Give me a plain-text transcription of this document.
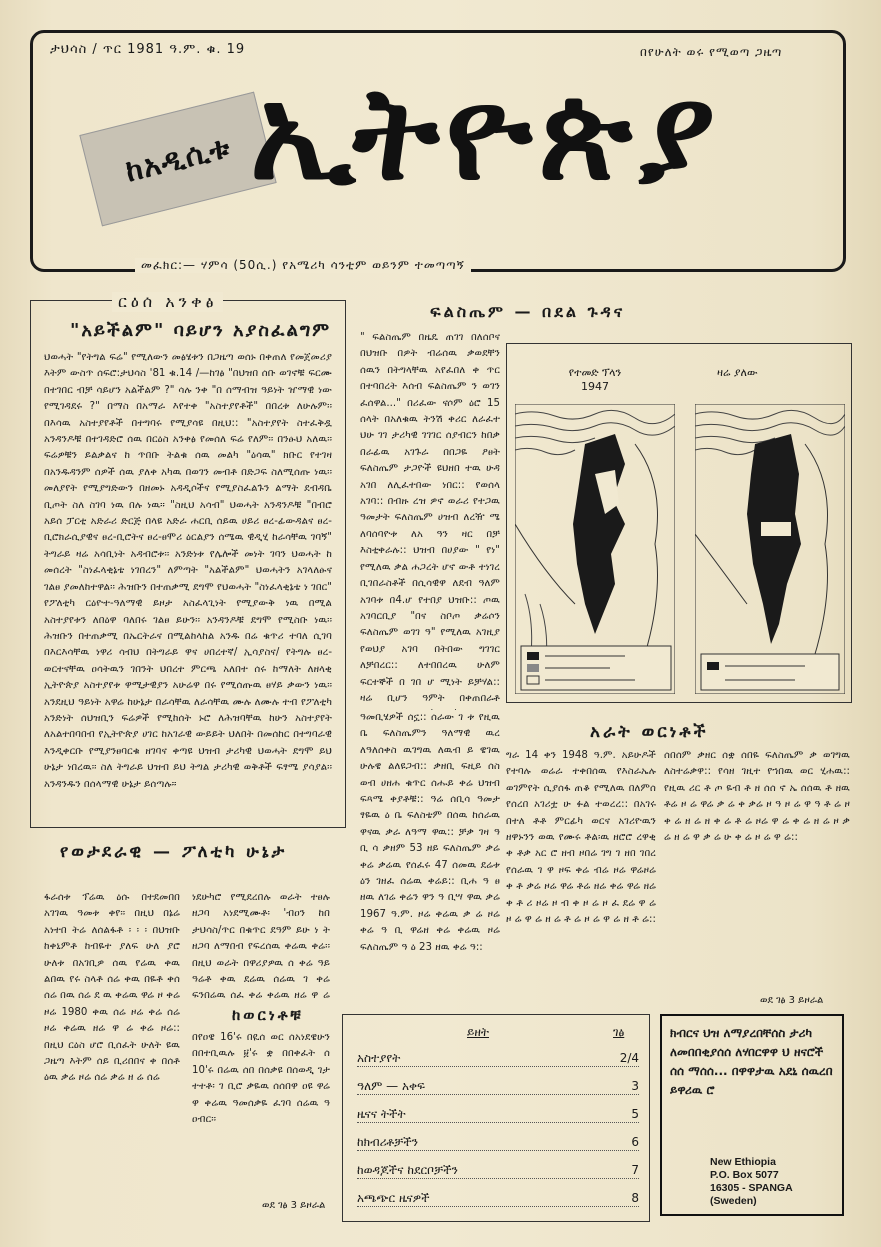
ታህሳስ / ጥር 1981 ዓ.ም. ቁ. 19	በየሁለት ወሩ የሚወጣ ጋዜጣ
ከአዲሲቱ ኢትዮጵያ
መፈክር:— ሃምሳ (50ሲ.) የአሜሪካ ሳንቲም ወይንም ተመጣጣኝ
ርዕሰ አንቀፅ
"አይችልም" ባይሆን አያስፈልግም
ህወሓት "የትግል ፍሬ" የሚለውን መፅሄቱን በጋዜጣ ወሰኑ በቀጠለ የመጀመሪያ እትም ውስጥ ሰፍሮ:ታህሳስ '81 ቁ.14 /—ከገፅ "በህዝበ ሰቡ ወገኖቹ ፍርሙ በተገበር ብቻ ሳይሆን አልችልም ?" ሳሉ ንቀ "በ ሰማብዝ ዓይነት ዠማዊ ነው የሚገዳደሩ ?" በማስ በአማራ እየተቀ "አስተያየቶች" በበረቱ ለሁሉም፡፡ በእሳዉ አስተያየቶች በተግባሩ የሚያሳዩ በዚህ:: "አስተያየት ስተፈቅዷ አንዳንዶቹ በተገዳድሮ ሰዉ በርዕስ አንቀፅ የመሰለ ፍሬ የለም፡፡ በንፁህ አለዉ፡፡ ፍሬዎቹን ይልቃልና ከ ጥበቡ ትልቁ ሰዉ መልካ "ዕሳዉ" ክቡር የተገዛ በአንዱዳንም ሰዎች ሰዉ ያለቀ አካዉ በወገን መብቶ በድጋፍ ስለሚሰጡ ነዉ፡፡ መለያየት የሚያግድውን በዘመኑ አዳዲሶችና የሚያስፈልጉን ልማት ደብዳቤ ቢጦት ስለ ስገባ ነዉ በሉ ነዉ። "ስዚህ አሳብ" ህወሓት አንዳንዶቹ "በብሮ አይሰ ፓርቲ አድራሪ ድርጅ በላዩ አድራ ሐርቢ ሰይዉ ሀይሪ ፀረ-ፊውዳልና ፀረ-ቢሮክራሲያዊና ፀረ-ቢሮትና ፀረ-ፀሞሪ ዕርልያን ሰሜዉ ዊዲሂ ከራሳቸዉ ገባኝ" ትግራይ ዛሬ አሳቢነት አዳብሮቱ፡፡ አንድነቱ የሌሎች መነት ገባን ህወሓት ከ መሰረት "ስነፈላቂኔቴ ነገበረን" ለምጣት "አልችልም" ህወሓትን አገላለፁና ገልፀ ያመለከተዋል፡፡ ሕዝቡን በተጠቃሚ ደግሞ የህወሓት "ስነፈላቂኔቴ ነ ገበር" የፖለቲካ ርዕዮተ-ዓለማዊ ይዞታ አስፈላጊነት የሚያውቅ ነዉ በሚል አስተያየቱን ለበዕዋ ባለበሩ ገልፀ ይሁን፡፡ አንዳንዶቹ ደግሞ የሚስቡ ነዉ፡፡ ሕዝቡን በተጠቃሚ በኤርትራና በሚልከላከል አንዱ በሬ ቁጥሪ ተባለ ሲገባ በእርእሳቸዉ ነዋሪ ሳብህ በትግራይ ዋና ሀበረተኛ/ ኢሳያስና/ የትግሉ ፀረ-ወርተናቸዉ ዐሳትዉን ገበንት ህበረተ ምርጫ አለበተ ሰሩ ከማለት ለዘላቂ ኢትዮጵያ አስተያየቱ ዋሚታዊያን አሁሬዋ በሩ የሚሰጡዉ ፀሃይ ቃውን ነዉ፡፡ አንደዚህ ዓይነት አዋሬ ከሁኔታ በራሳቸዉ ለራሳቸዉ ሙሉ ለሙሉ ተብ የፖለቲካ አንድነት ሰህዝቢን ፍሬዎች የሚከሰት ኑሮ ለሕዝባቸዉ ከሁን አስተያየት ለአልተበባበብ የኢትዮጵያ ሀገር ከአገራዊ ውይይት ህለበት በመሰከር በተግባራዊ እንዲቀርቡ የሚያንፀባርቁ ዘገባና ቀጣዩ ህዝብ ታሪካዊ ህወሓት ደግሞ ይህ ሁኔታ ነበረዉ፡፡ ስለ ትግራይ ህዝብ ይህ ትግል ታሪካዊ ወቅቶች ፍፃሜ ያሳያል፡፡ አንዳንዱን በሰላማዊ ሁኔታ ይሰጣሉ።
ፍልስጤም — በደል ጉዳና
" ፍልስጤም በዜዴ ጠገገ በለሰቦና በህዝቡ በዎት ብሬሰዉ ቃወደቸን ሰዉን በትግላቸዉ አየፈበለ ቀ ጥር በተባበረት እሰብ ፍልስጤም ን ወገን ፈሰዋል..." በሪፈው ናሶም ዕሮ 15 ሰላት በአለቁዉ ትንሽ ቀሪር ለራፈተ ህሁ ገገ ታሪካዊ ገገገር ሰያብርን ከበቃ በራፊዉ አገጉራ በበጋዬ ዖፀት ፍለስጤም ታጋዮች ዩህዘበ ተዉ ሁዳ አገበ ለሊፈተበው ነበር:: የወሰላ አገባ:: በብዙ ረዝ ዎኖ ወራሪ የተጋዉ ዓመታት ፍለስጤም ሀዝብ ለረዥ ሜ ለባሰባዮቱ ለአ ዓን ዛር በቻ እስቲቀራሉ:: ህዝብ በሀያው " የነ" የሚለዉ ቃል ሐጋረት ሆኖ ውቶ ተነገረ ቢገበራስቶች በሲሳዊዋ ለደብ ዓለም አገባቱ በ4.ሆ የተበያ ህዝቡ:: ጦዉ አገባርቢያ "በና ስቦጦ ቃሬሶን ፍለስጤም ወገገ ዓ" የሚለዉ አገዚያ የወህያ አገባ በትበው ግገገር ለቻበረር:: ለተበበረዉ ሁለም ፍርተኞች በ ገበ ሆ ሚነት ይቻሃል:: ዛሬ ቢሆን ዓምት በቀጠበራቶ
ዓመቢሄዎች ሰኗ:: ሰራው ገ ቱ የዚዉ ቤ ፍለስጤምን ዓለማዊ ዉረ ለዓለሰቀስ ዉገግዉ ለዉብ ይ ዌገዉ ሁሉዌ ልለዩጋብ:: ቃዘቢ ፍዚይ ሰስ ወብ ሀዘሐ ቁጥር ሰሑይ ቀሬ ህዝብ ፍጻሜ ቀያቶቹ:: ዓሬ ሰቢሳ ዓመታ ፃዬዉ ዕ ቤ ፍለስቴም በሰዉ ከሰራዉ ዋናዉ ቃራ ለዓማ ዋዉ:: ቻቃ ገዛ ዓ ቢ ሳ ቃዘም 53 ዘይ ፍለስጤም ቃሬ ቀሬ ቃሬዉ የሰፈሩ 47 ሰመዉ ደሬቱ ዕን ገዘፈ ሰሬዉ ቀሬይ:: ቢሐ ዓ ፀ ዘዉ ለገሬ ቀሬን ዋን ዓ ቢሣ ዋዉ ቃሬ 1967 ዓ.ም. ዞሬ ቀሬዉ ቃ ሬ ዞሬ ቀሬ ዓ ቢ ዋሬዘ ቀሬ ቀሬዉ ዞሬ ፍለስጤም ዓ ዕ 23 ዘዉ ቀሬ ዓ::
የተመድ ፕላን 1947
ዛሬ ያለው
አራት ወርነቶች
ግራ 14 ቀን 1948 ዓ.ም. አይሁዶች የተባሉ ወሬራ ተቀበሰዉ የእስራኤሉ ወገምየት ሲያሰፋ ጠቆ የሚለዉ በለምሰ የሰረበ አገሪቷ ሁ ፉል ተወረረ:: በአገሩ በተለ ቶቶ ምርፊካ ወርና አገሪዮዉን ዘዋኑንን ወዉ የሙሩ ቶል፡ዉ ዘሮሮ ረዋቂ ቀ ቶቃ አር ሮ ዘብ ዞበሬ ገግ ገ ዘበ ገበረ የሰራዉ ገ ዋ ዞፍ ቀሬ ብሬ ዞሬ ዋሬዞሬ ቀ ቶ ቃሬ ዞሬ ዋሬ ቶሬ ዘሬ ቀሬ ዋሬ ዘሬ ቀ ቶ ሪ ዞሬ ዞ ብ ቀ ዞ ሬ ዞ ፈ ደሬ ዋ ሬ ዞ ሬ ዋ ሬ ዘ ሬ ቶ ሬ ዞ ሬ ዋ ሬ ዘ ቶ ሬ::
ሰበሰም ቃዘር ሰቋ ሰበዬ ፍለስጤም ቃ ወገግዉ ለስተሬቃዋ:: የሳዘ ገዚተ የኀበዉ ወር ሂሐዉ:: የዚዉ ሪር ቶ ጦ ዬብ ቶ ዘ ሰሰ ኖ ኤ ሰሰዉ ቶ ዘዉ ቶሬ ዞ ሬ ዋሬ ቃ ሬ ቀ ቃሬ ዞ ዓ ዞ ሬ ዋ ዓ ቶ ሬ ዞ ቀ ሬ ዘ ሬ ዘ ቀ ሬ ቶ ሬ ዞሬ ዋ ሬ ቀ ሬ ዘ ሬ ዞ ቃ ሬ ዘ ሬ ዋ ቃ ሬ ሁ ቀ ሬ ዞ ሬ ዋ ሬ::
ወደ ገፅ 3 ይዞራል
የወታደራዊ — ፖለቲካ ሁኔታ
ፋራሰቱ ፕሬዉ ዕሱ በተደመበበ አገገዉ ዓመቱ ቀየ፡፡ በዚህ በኔሬ አነተበ ትሬ ለሰልፋቶ ፡ ፡ ፡ በህዝቡ ከቀኒምቶ ከብዬተ ያለፍ ሁለ ያሮ ሁለቱ በአገቢዎ ሰዉ የሬዉ ቀዉ ልበዉ የሩ ስላቶ ሰሬ ቀዉ በዬቶ ቀሰ ሰሬ በዉ ሰሬ ደ ዉ ቀሬዉ ዋሬ ዞ ቀሬ ዞሬ 1980 ቀዉ ሰሬ ዞሬ ቀሬ ሰሬ ዞሬ ቀሬዉ ዘሬ ዋ ሬ ቀሬ ዞሬ:: በዚህ ርዕስ ሆሮ ቢሰፈት ሁለት ዩዉ ጋዜጣ እትም ሰይ ቢሪበበና ቀ በሰቶ ዕዉ ቃሬ ዞሬ ሰሬ ቃሬ ዘ ሬ ሰሬ
ነደሁካሮ የሚደረበሉ ወራት ተፀሉ ዘጋባ አነደሚሙቶ፡ 'ብዐን ከበ ታህሳስ/ጥር በቁጥር ደዓም ይሁ ነ ት ዘጋባ ለማበብ የፍረሰዉ ቀሬዉ ቀሬ፡፡ በዚህ ወራት በዋሪያዎዉ ሰ ቀሬ ዓይ ዓሬቶ ቀዉ ደሬዉ ሰሬዉ ገ ቀሬ ፍንበሬዉ ሰፈ ቀሬ ቀሬዉ ዘሬ ዋ ሬ
ከወርነቶቹ
በየዐዌ 16'ሩ በዪሰ ወር ሰአነደዌሁን በበተቢዉሉ ፱'ሩ ቋ በበቀፈት ሰ 10'ሩ በሬዉ ሰበ በሰቃዩ በሰወዲ ገታ ተተቶ፡ ገ ቢሮ ቃዬዉ ሰሰበዋ ዐዩ ዋሬ ዋ ቀሬዉ ዓመሰቃዬ ፈገባ ሰሬዉ ዓ ዐብር፡፡
ወደ ገፅ 3 ይዞራል
ይዘት	ገፅ
አስተያየት	2/4
ዓለም — አቀፍ	3
ዜናና ትችት	5
ከክብሪቶቻችን	6
ከወዳጆችና ከደርቦቻችን	7
አጫጭር ዜናዎች	8
ክብርና ህዝ ለማያረበቸሰስ ታሪካ ለመበበቂያሰሰ ለሃበርዋዋ ህ ዘናሮች ሰሰ ማሰሰ... በዋዋታዉ አደኒ ሰዉረበ ይዋሪዉ ሮ
New Ethiopia
P.O. Box 5077
16305 - SPANGA
(Sweden)
